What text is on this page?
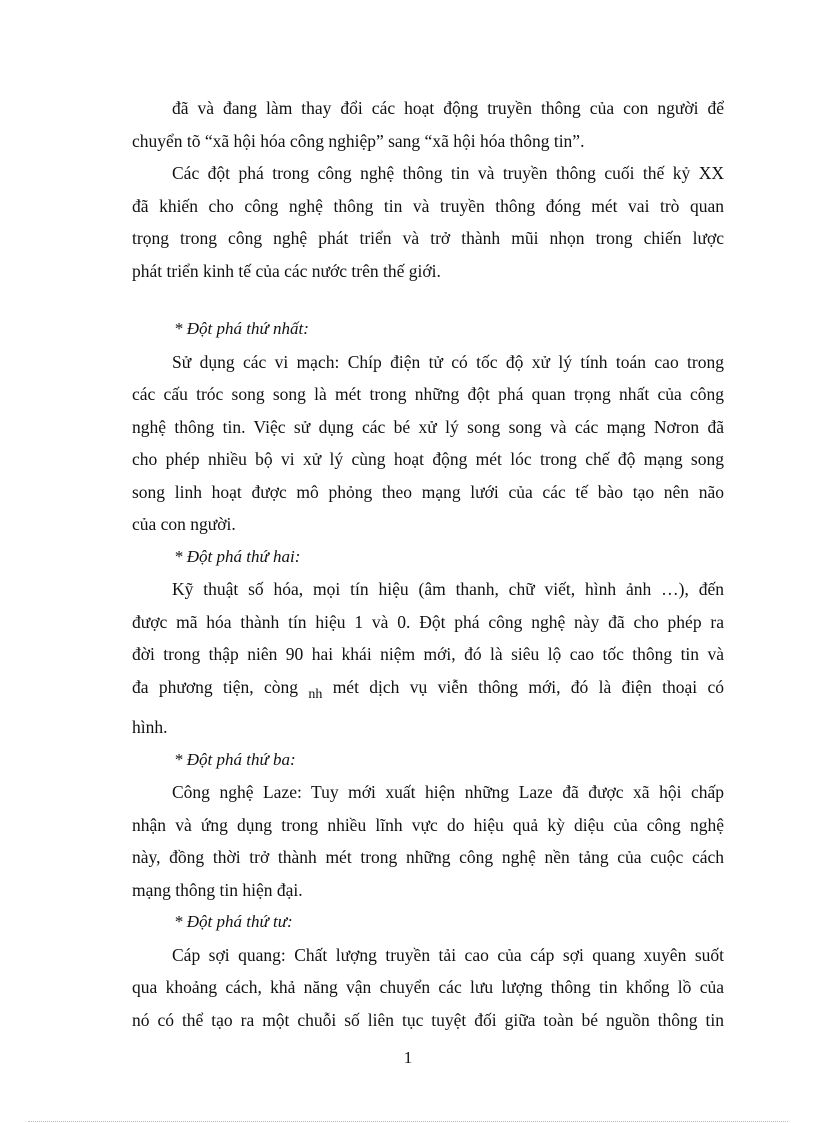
đã và đang làm thay đổi các hoạt động truyền thông của con người để
chuyển tõ “xã hội hóa công nghiệp” sang “xã hội hóa thông tin”.

Các đột phá trong công nghệ thông tin và truyền thông cuối thế kỷ XX
đã khiến cho công nghệ thông tin và truyền thông đóng mét vai trò quan
trọng trong công nghệ phát triển và trở thành mũi nhọn trong chiến lược
phát triển kinh tế của các nước trên thế giới.

* Đột phá thứ nhất:

Sử dụng các vi mạch: Chíp điện tử có tốc độ xử lý tính toán cao trong
các cấu tróc song song là mét trong những đột phá quan trọng nhất của công
nghệ thông tin. Việc sử dụng các bé xử lý song song và các mạng Nơron đã
cho phép nhiều bộ vi xử lý cùng hoạt động mét lóc trong chế độ mạng song
song linh hoạt được mô phỏng theo mạng lưới của các tế bào tạo nên não
của con người.

* Đột phá thứ hai:

Kỹ thuật số hóa, mọi tín hiệu (âm thanh, chữ viết, hình ảnh …), đến
được mã hóa thành tín hiệu 1 và 0. Đột phá công nghệ này đã cho phép ra
đời trong thập niên 90 hai khái niệm mới, đó là siêu lộ cao tốc thông tin và
đa phương tiện, còng $_{nh}$ mét dịch vụ viễn thông mới, đó là điện thoại có
hình.

* Đột phá thứ ba:

Công nghệ Laze: Tuy mới xuất hiện những Laze đã được xã hội chấp
nhận và ứng dụng trong nhiều lĩnh vực do hiệu quả kỳ diệu của công nghệ
này, đồng thời trở thành mét trong những công nghệ nền tảng của cuộc cách
mạng thông tin hiện đại.

* Đột phá thứ tư:

Cáp sợi quang: Chất lượng truyền tải cao của cáp sợi quang xuyên suốt
qua khoảng cách, khả năng vận chuyển các lưu lượng thông tin khổng lồ của
nó có thể tạo ra một chuỗi số liên tục tuyệt đối giữa toàn bé nguồn thông tin

1
